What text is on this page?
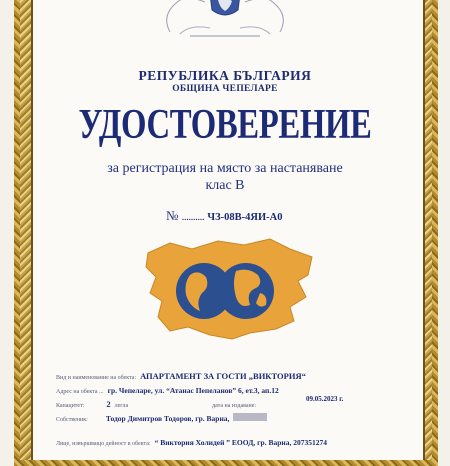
РЕПУБЛИКА БЪЛГАРИЯ
ОБЩИНА ЧЕПЕЛАРЕ
УДОСТОВЕРЕНИЕ
за регистрация на място за настаняване
клас В
№ .......... ЧЗ-08В-4ЯИ-А0
Вид и наименование на обекта: АПАРТАМЕНТ ЗА ГОСТИ „ВИКТОРИЯ“
Адрес на обекта ... гр. Чепеларе, ул. “Атанас Пепеланов” 6, ет.3, ап.12
Капацитет:	2 легла	дата на издаване:
09.05.2023 г.
Собственик: Тодор Димитров Тодоров, гр. Варна,
Лице, извършващо дейност в обекта: “ Виктория Холидей ” ЕООД, гр. Варна, 207351274
